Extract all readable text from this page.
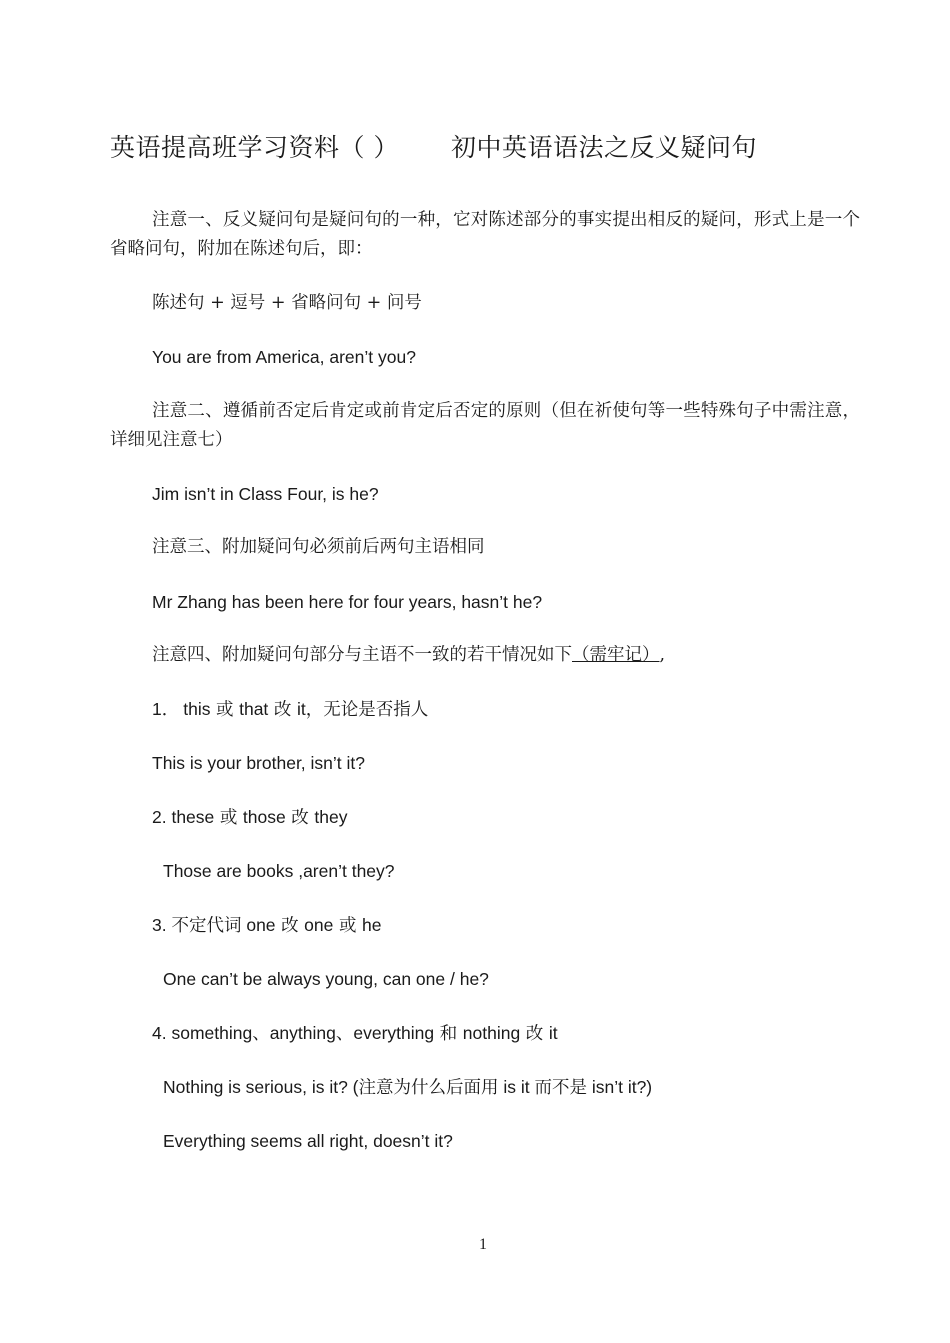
英语提高班学习资料（ ） 初中英语语法之反义疑问句
注意一、反义疑问句是疑问句的一种，它对陈述部分的事实提出相反的疑问，形式上是一个省略问句，附加在陈述句后，即：
陈述句 + 逗号 + 省略问句 + 问号
You are from America, aren’t you?
注意二、遵循前否定后肯定或前肯定后否定的原则（但在祈使句等一些特殊句子中需注意，详细见注意七）
Jim isn’t in Class Four, is he?
注意三、附加疑问句必须前后两句主语相同
Mr Zhang has been here for four years, hasn’t he?
注意四、附加疑问句部分与主语不一致的若干情况如下（需牢记）,
1． this 或 that 改 it，无论是否指人
This is your brother, isn’t it?
2. these 或 those 改 they
Those are books ,aren’t they?
3. 不定代词 one 改 one 或 he
One can’t be always young, can one / he?
4. something、anything、everything 和 nothing 改 it
Nothing is serious, is it? (注意为什么后面用 is it 而不是 isn’t it?)
Everything seems all right, doesn’t it?
1
